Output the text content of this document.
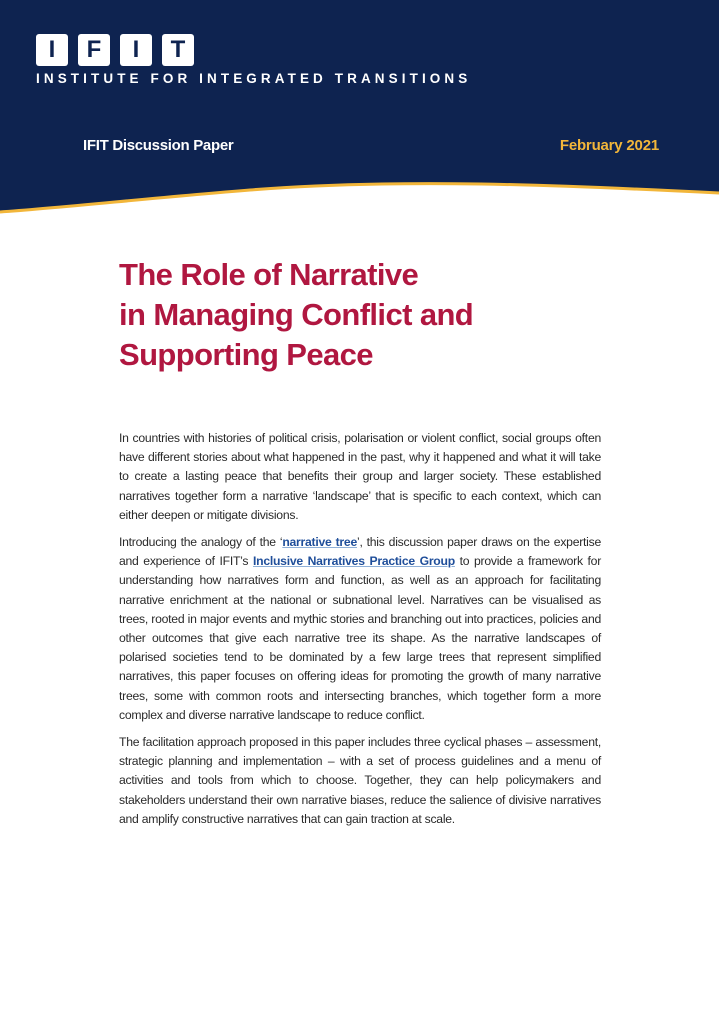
I	F	I	T
INSTITUTE FOR INTEGRATED TRANSITIONS
IFIT Discussion Paper	February 2021
The Role of Narrative
in Managing Conflict and
Supporting Peace

In countries with histories of political crisis, polarisation or violent conflict, social groups often have different stories about what happened in the past, why it happened and what it will take to create a lasting peace that benefits their group and larger society. These established narratives together form a narrative ‘landscape’ that is specific to each context, which can either deepen or mitigate divisions.

Introducing the analogy of the ‘narrative tree’, this discussion paper draws on the expertise and experience of IFIT’s Inclusive Narratives Practice Group to provide a framework for understanding how narratives form and function, as well as an approach for facilitating narrative enrichment at the national or subnational level. Narratives can be visualised as trees, rooted in major events and mythic stories and branching out into practices, policies and other outcomes that give each narrative tree its shape. As the narrative landscapes of polarised societies tend to be dominated by a few large trees that represent simplified narratives, this paper focuses on offering ideas for promoting the growth of many narrative trees, some with common roots and intersecting branches, which together form a more complex and diverse narrative landscape to reduce conflict.

The facilitation approach proposed in this paper includes three cyclical phases – assessment, strategic planning and implementation – with a set of process guidelines and a menu of activities and tools from which to choose. Together, they can help policymakers and stakeholders understand their own narrative biases, reduce the salience of divisive narratives and amplify constructive narratives that can gain traction at scale.
